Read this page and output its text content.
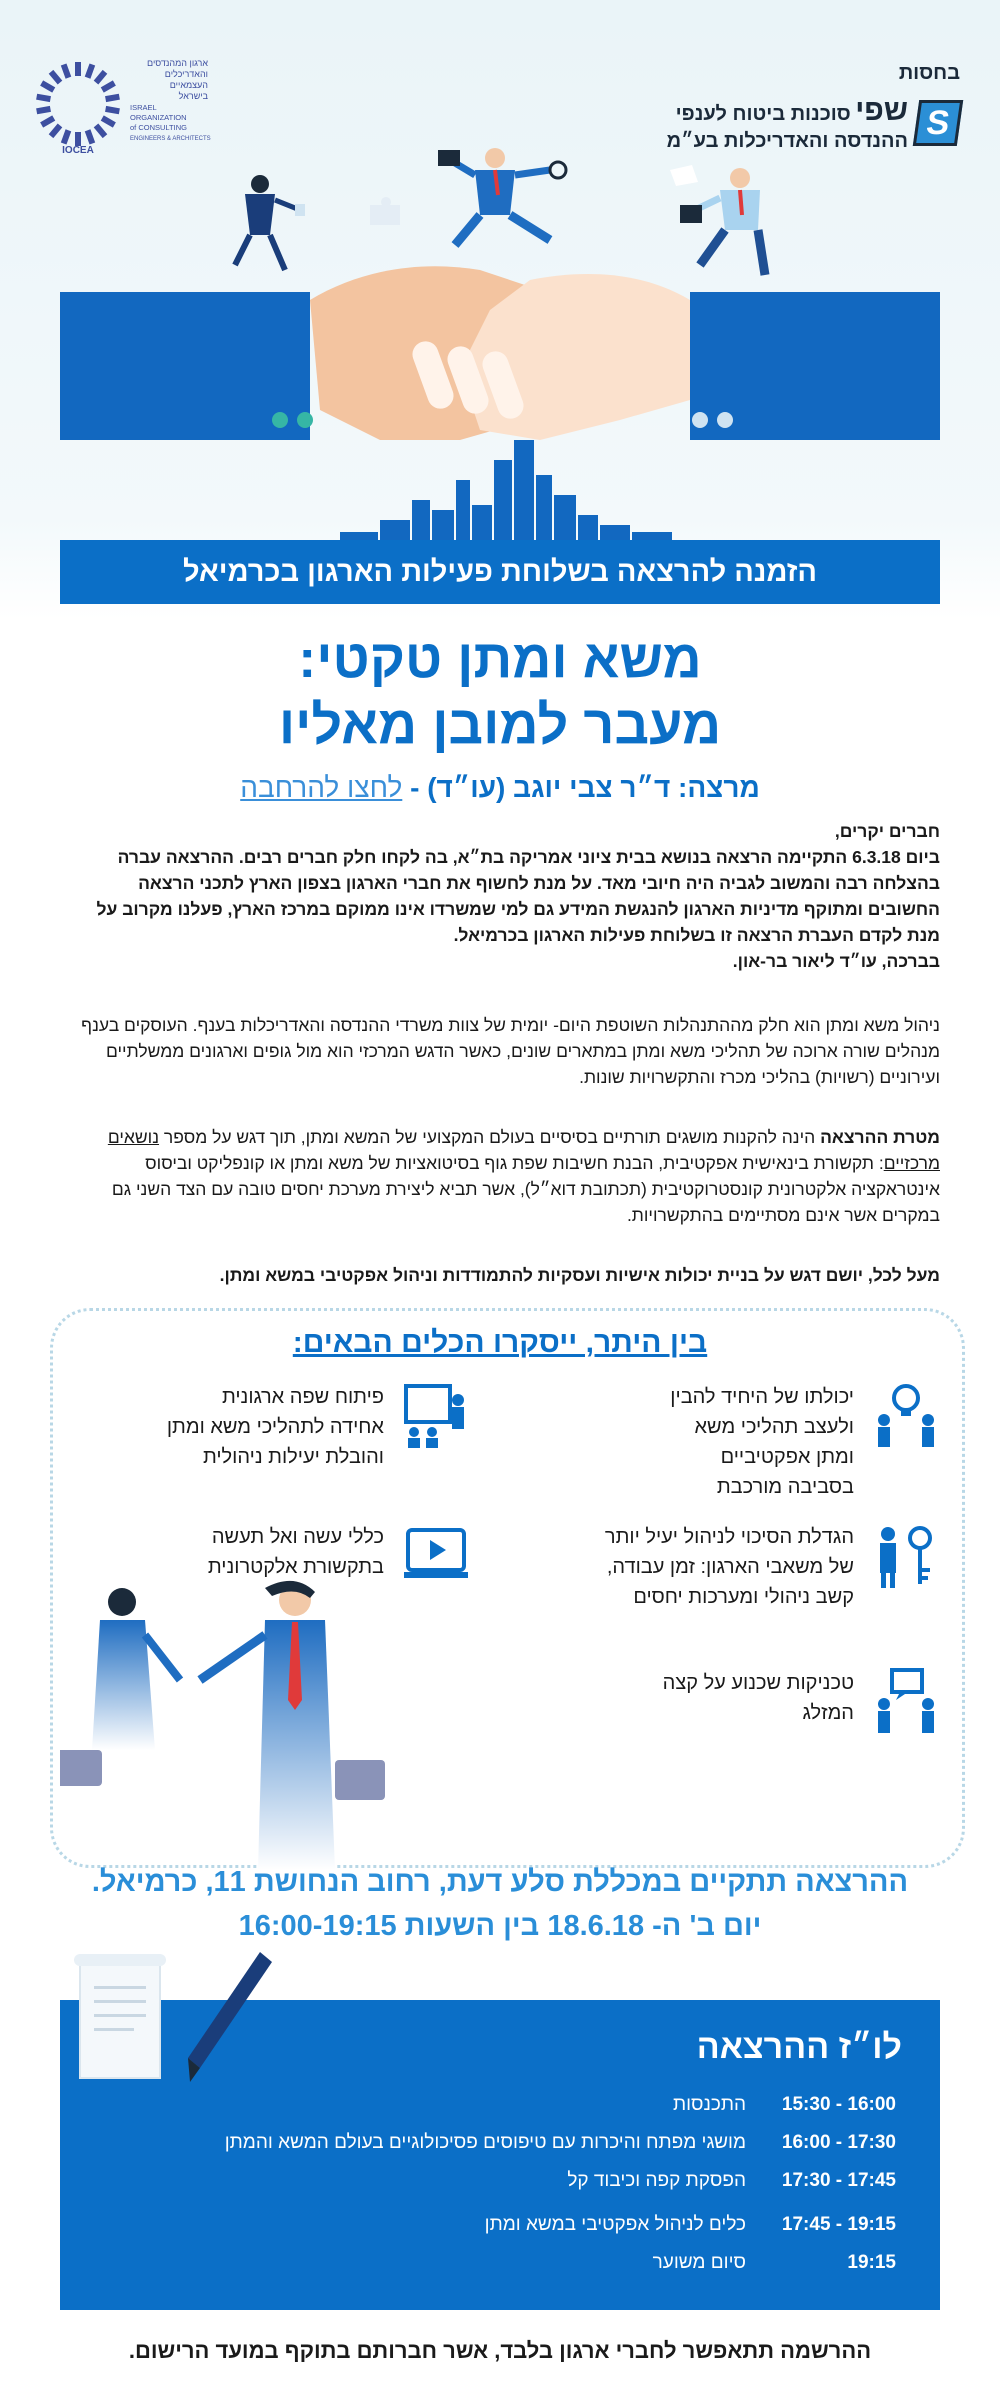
ארגון המהנדסים
והאדריכלים
העצמאיים
בישראל
ISRAEL
ORGANIZATION
of CONSULTING
ENGINEERS & ARCHITECTS
IOCEA
בחסות
S
שפי סוכנות ביטוח לענפי
ההנדסה והאדריכלות בע״מ
הזמנה להרצאה בשלוחת פעילות הארגון בכרמיאל
משא ומתן טקטי:
מעבר למובן מאליו
מרצה: ד״ר צבי יוגב (עו״ד) - לחצו להרחבה
חברים יקרים,
ביום 6.3.18 התקיימה הרצאה בנושא בבית ציוני אמריקה בת״א, בה לקחו חלק חברים רבים. ההרצאה עברה בהצלחה רבה והמשוב לגביה היה חיובי מאד. על מנת לחשוף את חברי הארגון בצפון הארץ לתכני הרצאה החשובים ומתוקף מדיניות הארגון להנגשת המידע גם למי שמשרדו אינו ממוקם במרכז הארץ, פעלנו מקרוב על מנת לקדם העברת הרצאה זו בשלוחת פעילות הארגון בכרמיאל.
בברכה, עו״ד ליאור בר-און.
ניהול משא ומתן הוא חלק מההתנהלות השוטפת היום- יומית של צוות משרדי ההנדסה והאדריכלות בענף. העוסקים בענף מנהלים שורה ארוכה של תהליכי משא ומתן במתארים שונים, כאשר הדגש המרכזי הוא מול גופים וארגונים ממשלתיים ועירוניים (רשויות) בהליכי מכרז והתקשרויות שונות.
מטרת ההרצאה הינה להקנות מושגים תורתיים בסיסיים בעולם המקצועי של המשא ומתן, תוך דגש על מספר נושאים מרכזיים: תקשורת בינאישית אפקטיבית, הבנת חשיבות שפת גוף בסיטואציות של משא ומתן או קונפליקט וביסוס אינטראקציה אלקטרונית קונסטרוקטיבית (תכתובת דוא״ל), אשר תביא ליצירת מערכת יחסים טובה עם הצד השני גם במקרים אשר אינם מסתיימים בהתקשרויות.
מעל לכל, יושם דגש על בניית יכולות אישיות ועסקיות להתמודדות וניהול אפקטיבי במשא ומתן.
בין היתר, ייסקרו הכלים הבאים:
יכולתו של היחיד להבין ולעצב תהליכי משא ומתן אפקטיביים בסביבה מורכבת
פיתוח שפה ארגונית אחידה לתהליכי משא ומתן והובלת יעילות ניהולית
הגדלת הסיכוי לניהול יעיל יותר של משאבי הארגון: זמן עבודה, קשב ניהולי ומערכות יחסים
כללי עשה ואל תעשה בתקשורת אלקטרונית
טכניקות שכנוע על קצה המזלג
ההרצאה תתקיים במכללת סלע דעת, רחוב הנחושת 11, כרמיאל.
יום ב' ה- 18.6.18 בין השעות 16:00-19:15
לו״ז ההרצאה
15:30 - 16:00
התכנסות
16:00 - 17:30
מושגי מפתח והיכרות עם טיפוסים פסיכולוגיים בעולם המשא והמתן
17:30 - 17:45
הפסקת קפה וכיבוד קל
17:45 - 19:15
כלים לניהול אפקטיבי במשא ומתן
19:15
סיום משוער
ההרשמה תתאפשר לחברי ארגון בלבד, אשר חברותם בתוקף במועד הרישום.
